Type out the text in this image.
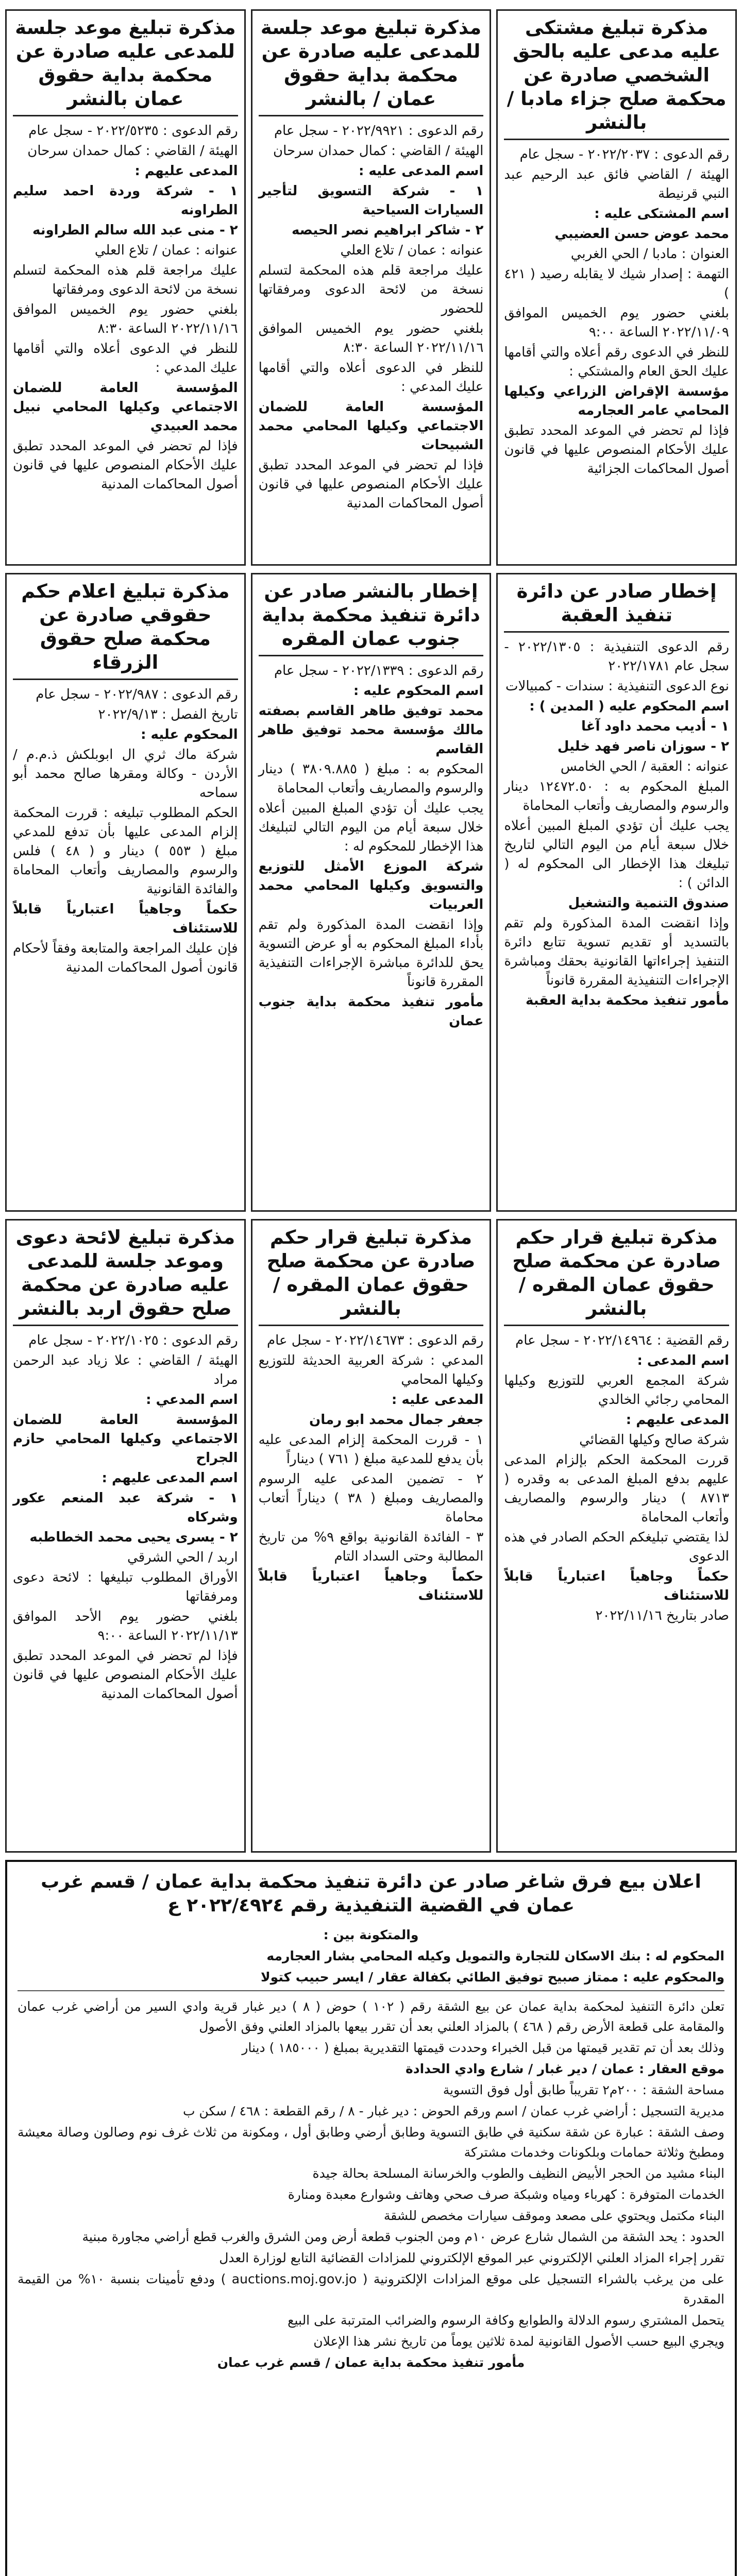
مذكرة تبليغ مشتكى عليه مدعى عليه بالحق الشخصي صادرة عن محكمة صلح جزاء مادبا / بالنشر
رقم الدعوى : ٢٠٢٢/٢٠٣٧ - سجل عام
الهيئة / القاضي فائق عبد الرحيم عبد النبي قرنيطة
اسم المشتكى عليه :
محمد عوض حسن العضيبي
العنوان : مادبا / الحي الغربي
التهمة : إصدار شيك لا يقابله رصيد ( ٤٢١ )
بلغني حضور يوم الخميس الموافق ٢٠٢٢/١١/٠٩ الساعة ٩:٠٠
للنظر في الدعوى رقم أعلاه والتي أقامها عليك الحق العام والمشتكي :
مؤسسة الإقراض الزراعي وكيلها المحامي عامر العجارمه
فإذا لم تحضر في الموعد المحدد تطبق عليك الأحكام المنصوص عليها في قانون أصول المحاكمات الجزائية
مذكرة تبليغ موعد جلسة للمدعى عليه صادرة عن محكمة بداية حقوق عمان / بالنشر
رقم الدعوى : ٢٠٢٢/٩٩٢١ - سجل عام
الهيئة / القاضي : كمال حمدان سرحان
اسم المدعى عليه :
١ - شركة التسويق لتأجير السيارات السياحية
٢ - شاكر ابراهيم نصر الحيصه
عنوانه : عمان / تلاع العلي
عليك مراجعة قلم هذه المحكمة لتسلم نسخة من لائحة الدعوى ومرفقاتها للحضور
بلغني حضور يوم الخميس الموافق ٢٠٢٢/١١/١٦ الساعة ٨:٣٠
للنظر في الدعوى أعلاه والتي أقامها عليك المدعي :
المؤسسة العامة للضمان الاجتماعي وكيلها المحامي محمد الشبيحات
فإذا لم تحضر في الموعد المحدد تطبق عليك الأحكام المنصوص عليها في قانون أصول المحاكمات المدنية
مذكرة تبليغ موعد جلسة للمدعى عليه صادرة عن محكمة بداية حقوق عمان بالنشر
رقم الدعوى : ٢٠٢٢/٥٢٣٥ - سجل عام
الهيئة / القاضي : كمال حمدان سرحان
المدعى عليهم :
١ - شركة وردة احمد سليم الطراونه
٢ - منى عبد الله سالم الطراونه
عنوانه : عمان / تلاع العلي
عليك مراجعة قلم هذه المحكمة لتسلم نسخة من لائحة الدعوى ومرفقاتها
بلغني حضور يوم الخميس الموافق ٢٠٢٢/١١/١٦ الساعة ٨:٣٠
للنظر في الدعوى أعلاه والتي أقامها عليك المدعي :
المؤسسة العامة للضمان الاجتماعي وكيلها المحامي نبيل محمد العبيدي
فإذا لم تحضر في الموعد المحدد تطبق عليك الأحكام المنصوص عليها في قانون أصول المحاكمات المدنية
إخطار صادر عن دائرة تنفيذ العقبة
رقم الدعوى التنفيذية : ٢٠٢٢/١٣٠٥ - سجل عام ٢٠٢٢/١٧٨١
نوع الدعوى التنفيذية : سندات - كمبيالات
اسم المحكوم عليه ( المدين ) :
١ - أديب محمد داود آغا
٢ - سوزان ناصر فهد خليل
عنوانه : العقبة / الحي الخامس
المبلغ المحكوم به : ١٢٤٧٢.٥٠ دينار والرسوم والمصاريف وأتعاب المحاماة
يجب عليك أن تؤدي المبلغ المبين أعلاه خلال سبعة أيام من اليوم التالي لتاريخ تبليغك هذا الإخطار الى المحكوم له ( الدائن ) :
صندوق التنمية والتشغيل
وإذا انقضت المدة المذكورة ولم تقم بالتسديد أو تقديم تسوية تتابع دائرة التنفيذ إجراءاتها القانونية بحقك ومباشرة الإجراءات التنفيذية المقررة قانوناً
مأمور تنفيذ محكمة بداية العقبة
إخطار بالنشر صادر عن دائرة تنفيذ محكمة بداية جنوب عمان المقره
رقم الدعوى : ٢٠٢٢/١٣٣٩ - سجل عام
اسم المحكوم عليه :
محمد توفيق طاهر القاسم بصفته مالك مؤسسة محمد توفيق طاهر القاسم
المحكوم به : مبلغ ( ٣٨٠٩.٨٨٥ ) دينار والرسوم والمصاريف وأتعاب المحاماة
يجب عليك أن تؤدي المبلغ المبين أعلاه خلال سبعة أيام من اليوم التالي لتبليغك هذا الإخطار للمحكوم له :
شركة الموزع الأمثل للتوزيع والتسويق وكيلها المحامي محمد العربيات
وإذا انقضت المدة المذكورة ولم تقم بأداء المبلغ المحكوم به أو عرض التسوية يحق للدائرة مباشرة الإجراءات التنفيذية المقررة قانوناً
مأمور تنفيذ محكمة بداية جنوب عمان
مذكرة تبليغ اعلام حكم حقوقي صادرة عن محكمة صلح حقوق الزرقاء
رقم الدعوى : ٢٠٢٢/٩٨٧ - سجل عام
تاريخ الفصل : ٢٠٢٢/٩/١٣
المحكوم عليه :
شركة ماك ثري ال ابوبلكش ذ.م.م / الأردن - وكالة ومقرها صالح محمد أبو سماحه
الحكم المطلوب تبليغه : قررت المحكمة إلزام المدعى عليها بأن تدفع للمدعي مبلغ ( ٥٥٣ ) دينار و ( ٤٨ ) فلس والرسوم والمصاريف وأتعاب المحاماة والفائدة القانونية
حكماً وجاهياً اعتبارياً قابلاً للاستئناف
فإن عليك المراجعة والمتابعة وفقاً لأحكام قانون أصول المحاكمات المدنية
مذكرة تبليغ قرار حكم صادرة عن محكمة صلح حقوق عمان المقره / بالنشر
رقم القضية : ٢٠٢٢/١٤٩٦٤ - سجل عام
اسم المدعى :
شركة المجمع العربي للتوزيع وكيلها المحامي رجائي الخالدي
المدعى عليهم :
شركة صالح وكيلها القضائي
قررت المحكمة الحكم بإلزام المدعى عليهم بدفع المبلغ المدعى به وقدره ( ٨٧١٣ ) دينار والرسوم والمصاريف وأتعاب المحاماة
لذا يقتضي تبليغكم الحكم الصادر في هذه الدعوى
حكماً وجاهياً اعتبارياً قابلاً للاستئناف
صادر بتاريخ ٢٠٢٢/١١/١٦
مذكرة تبليغ قرار حكم صادرة عن محكمة صلح حقوق عمان المقره / بالنشر
رقم الدعوى : ٢٠٢٢/١٤٦٧٣ - سجل عام
المدعي : شركة العربية الحديثة للتوزيع وكيلها المحامي
المدعى عليه :
جعفر جمال محمد ابو رمان
١ - قررت المحكمة إلزام المدعى عليه بأن يدفع للمدعية مبلغ ( ٧٦١ ) ديناراً
٢ - تضمين المدعى عليه الرسوم والمصاريف ومبلغ ( ٣٨ ) ديناراً أتعاب محاماة
٣ - الفائدة القانونية بواقع ٩% من تاريخ المطالبة وحتى السداد التام
حكماً وجاهياً اعتبارياً قابلاً للاستئناف
مذكرة تبليغ لائحة دعوى وموعد جلسة للمدعى عليه صادرة عن محكمة صلح حقوق اربد بالنشر
رقم الدعوى : ٢٠٢٢/١٠٢٥ - سجل عام
الهيئة / القاضي : علا زياد عبد الرحمن مراد
اسم المدعي :
المؤسسة العامة للضمان الاجتماعي وكيلها المحامي حازم الجراح
اسم المدعى عليهم :
١ - شركة عبد المنعم عكور وشركاه
٢ - يسرى يحيى محمد الخطاطبه
اربد / الحي الشرقي
الأوراق المطلوب تبليغها : لائحة دعوى ومرفقاتها
بلغني حضور يوم الأحد الموافق ٢٠٢٢/١١/١٣ الساعة ٩:٠٠
فإذا لم تحضر في الموعد المحدد تطبق عليك الأحكام المنصوص عليها في قانون أصول المحاكمات المدنية
اعلان بيع فرق شاغر صادر عن دائرة تنفيذ محكمة بداية عمان / قسم غرب عمان في القضية التنفيذية رقم ٢٠٢٢/٤٩٢٤ ع
والمتكونة بين :
المحكوم له : بنك الاسكان للتجارة والتمويل وكيله المحامي بشار العجارمه
والمحكوم عليه : ممتاز صبيح توفيق الطائي بكفالة عقار / ايسر حبيب كتولا
تعلن دائرة التنفيذ لمحكمة بداية عمان عن بيع الشقة رقم ( ١٠٢ ) حوض ( ٨ ) دير غبار قرية وادي السير من أراضي غرب عمان والمقامة على قطعة الأرض رقم ( ٤٦٨ ) بالمزاد العلني بعد أن تقرر بيعها بالمزاد العلني وفق الأصول
وذلك بعد أن تم تقدير قيمتها من قبل الخبراء وحددت قيمتها التقديرية بمبلغ ( ١٨٥٠٠٠ ) دينار
موقع العقار : عمان / دير غبار / شارع وادي الحدادة
مساحة الشقة : ٢٠٠م٢ تقريباً طابق أول فوق التسوية
مديرية التسجيل : أراضي غرب عمان / اسم ورقم الحوض : دير غبار - ٨ / رقم القطعة : ٤٦٨ / سكن ب
وصف الشقة : عبارة عن شقة سكنية في طابق التسوية وطابق أرضي وطابق أول ، ومكونة من ثلاث غرف نوم وصالون وصالة معيشة ومطبخ وثلاثة حمامات وبلكونات وخدمات مشتركة
البناء مشيد من الحجر الأبيض النظيف والطوب والخرسانة المسلحة بحالة جيدة
الخدمات المتوفرة : كهرباء ومياه وشبكة صرف صحي وهاتف وشوارع معبدة ومنارة
البناء مكتمل ويحتوي على مصعد وموقف سيارات مخصص للشقة
الحدود : يحد الشقة من الشمال شارع عرض ١٠م ومن الجنوب قطعة أرض ومن الشرق والغرب قطع أراضي مجاورة مبنية
تقرر إجراء المزاد العلني الإلكتروني عبر الموقع الإلكتروني للمزادات القضائية التابع لوزارة العدل
على من يرغب بالشراء التسجيل على موقع المزادات الإلكترونية ( auctions.moj.gov.jo ) ودفع تأمينات بنسبة ١٠% من القيمة المقدرة
يتحمل المشتري رسوم الدلالة والطوابع وكافة الرسوم والضرائب المترتبة على البيع
ويجري البيع حسب الأصول القانونية لمدة ثلاثين يوماً من تاريخ نشر هذا الإعلان
مأمور تنفيذ محكمة بداية عمان / قسم غرب عمان
